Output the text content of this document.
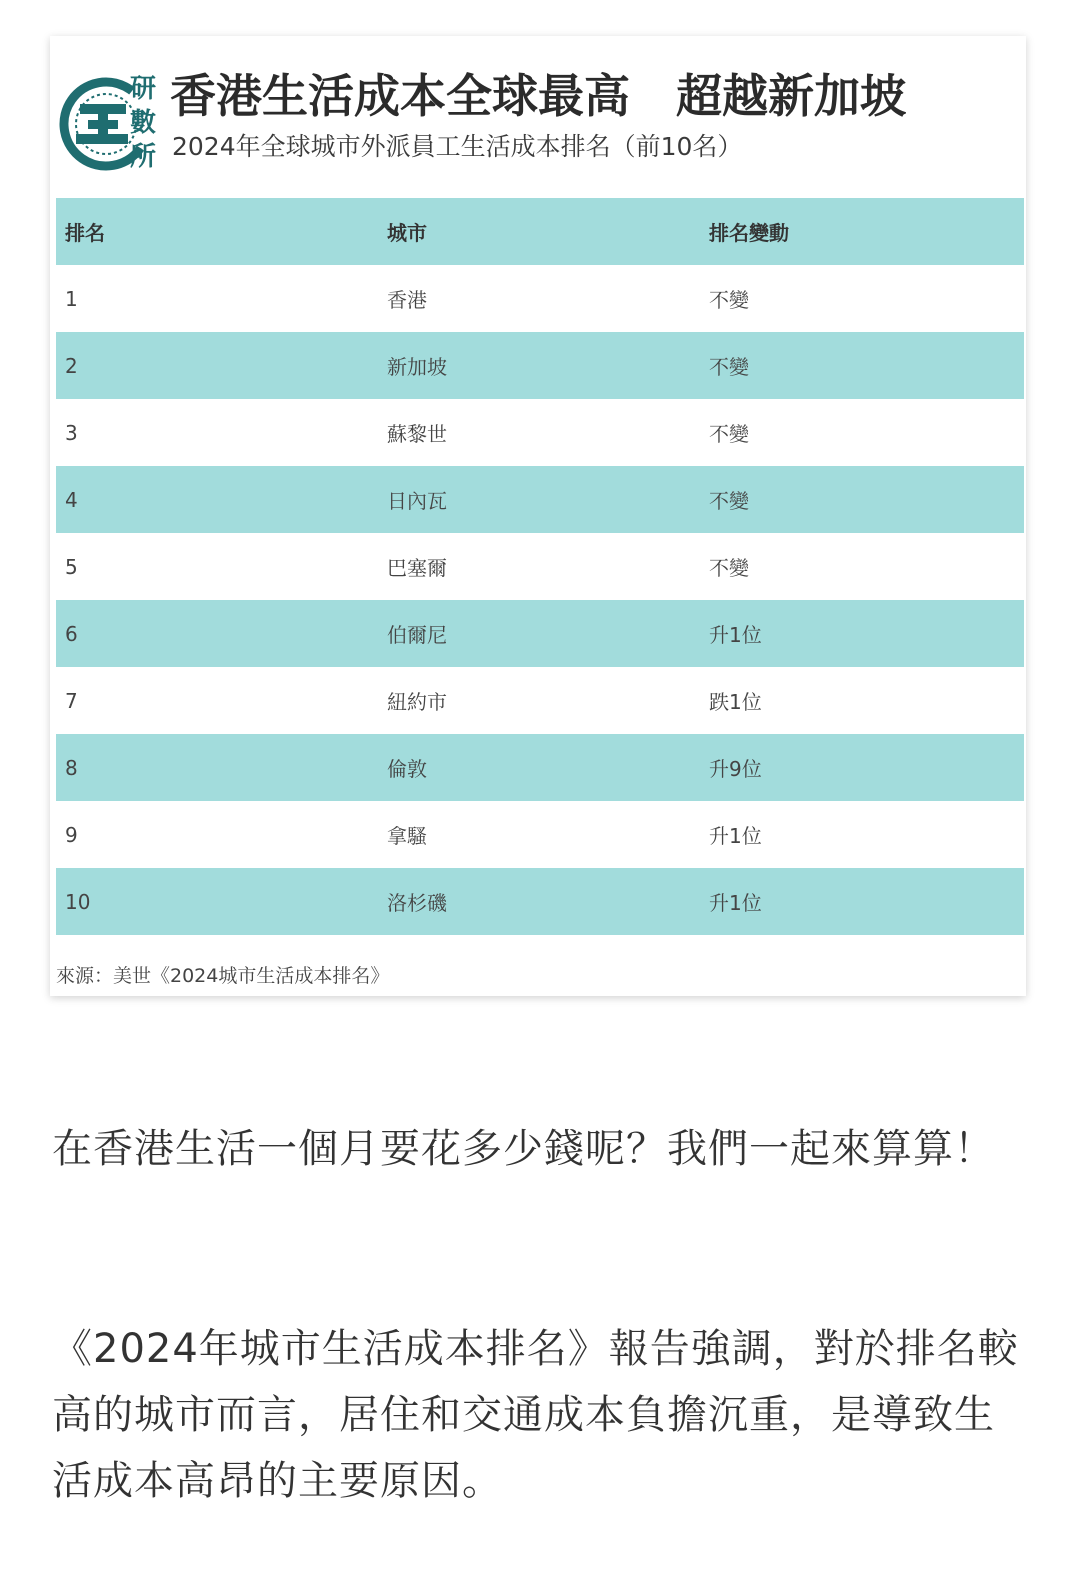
研
數
所
香港生活成本全球最高 超越新加坡
2024年全球城市外派員工生活成本排名（前10名）
排名	城市	排名變動
1	香港	不變
2	新加坡	不變
3	蘇黎世	不變
4	日內瓦	不變
5	巴塞爾	不變
6	伯爾尼	升1位
7	紐約市	跌1位
8	倫敦	升9位
9	拿騷	升1位
10	洛杉磯	升1位
來源：美世《2024城市生活成本排名》

在香港生活一個月要花多少錢呢？我們一起來算算！

《2024年城市生活成本排名》報告強調，對於排名較高的城市而言，居住和交通成本負擔沉重，是導致生活成本高昂的主要原因。
